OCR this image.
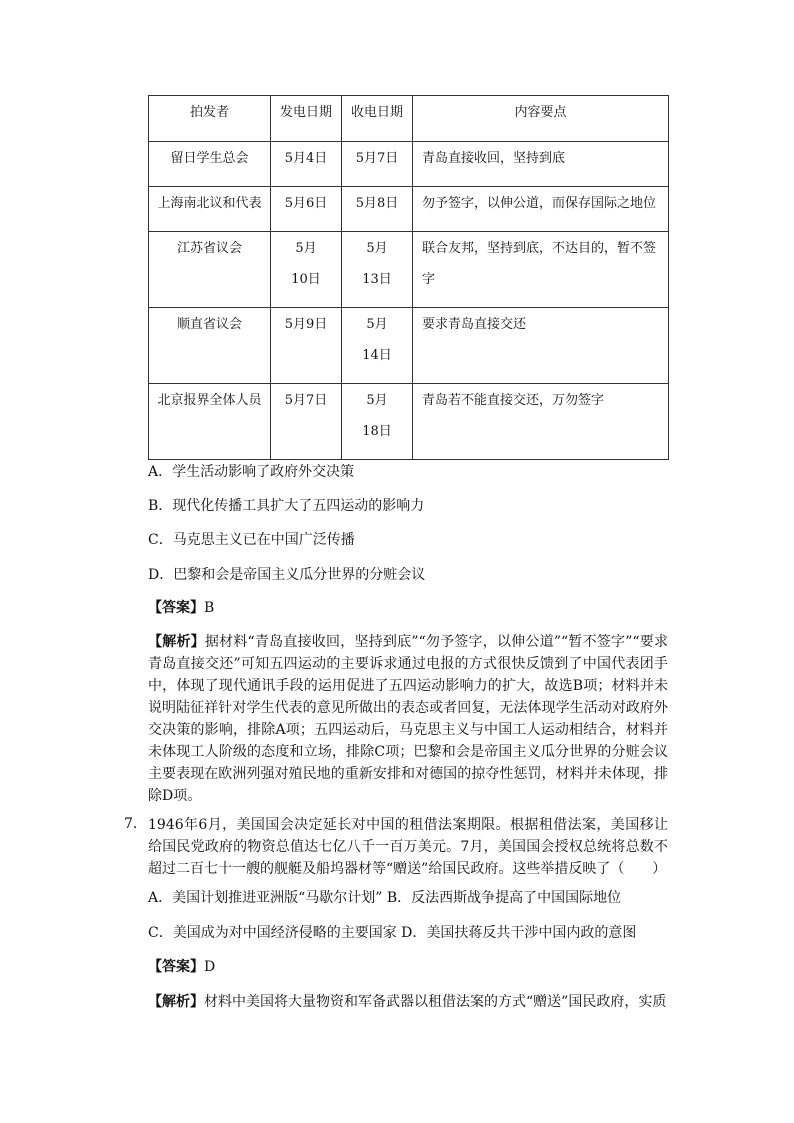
拍发者	发电日期	收电日期	内容要点
留日学生总会	5月4日	5月7日	青岛直接收回，坚持到底
上海南北议和代表	5月6日	5月8日	勿予签字，以伸公道，而保存国际之地位
江苏省议会	5月10日	5月13日	联合友邦，坚持到底，不达目的，暂不签字
顺直省议会	5月9日	5月14日	要求青岛直接交还
北京报界全体人员	5月7日	5月18日	青岛若不能直接交还，万勿签字

A．学生活动影响了政府外交决策

B．现代化传播工具扩大了五四运动的影响力

C．马克思主义已在中国广泛传播

D．巴黎和会是帝国主义瓜分世界的分赃会议

【答案】B

【解析】据材料“青岛直接收回，坚持到底”“勿予签字，以伸公道”“暂不签字”“要求青岛直接交还”可知五四运动的主要诉求通过电报的方式很快反馈到了中国代表团手中，体现了现代通讯手段的运用促进了五四运动影响力的扩大，故选B项；材料并未说明陆征祥针对学生代表的意见所做出的表态或者回复，无法体现学生活动对政府外交决策的影响，排除A项；五四运动后，马克思主义与中国工人运动相结合，材料并未体现工人阶级的态度和立场，排除C项；巴黎和会是帝国主义瓜分世界的分赃会议主要表现在欧洲列强对殖民地的重新安排和对德国的掠夺性惩罚，材料并未体现，排除D项。

7． 1946年6月，美国国会决定延长对中国的租借法案期限。根据租借法案，美国移让给国民党政府的物资总值达七亿八千一百万美元。7月，美国国会授权总统将总数不超过二百七十一艘的舰艇及船坞器材等“赠送”给国民政府。这些举措反映了（　　）

A．美国计划推进亚洲版“马歇尔计划” B．反法西斯战争提高了中国国际地位

C．美国成为对中国经济侵略的主要国家 D．美国扶蒋反共干涉中国内政的意图

【答案】D

【解析】材料中美国将大量物资和军备武器以租借法案的方式“赠送”国民政府，实质
